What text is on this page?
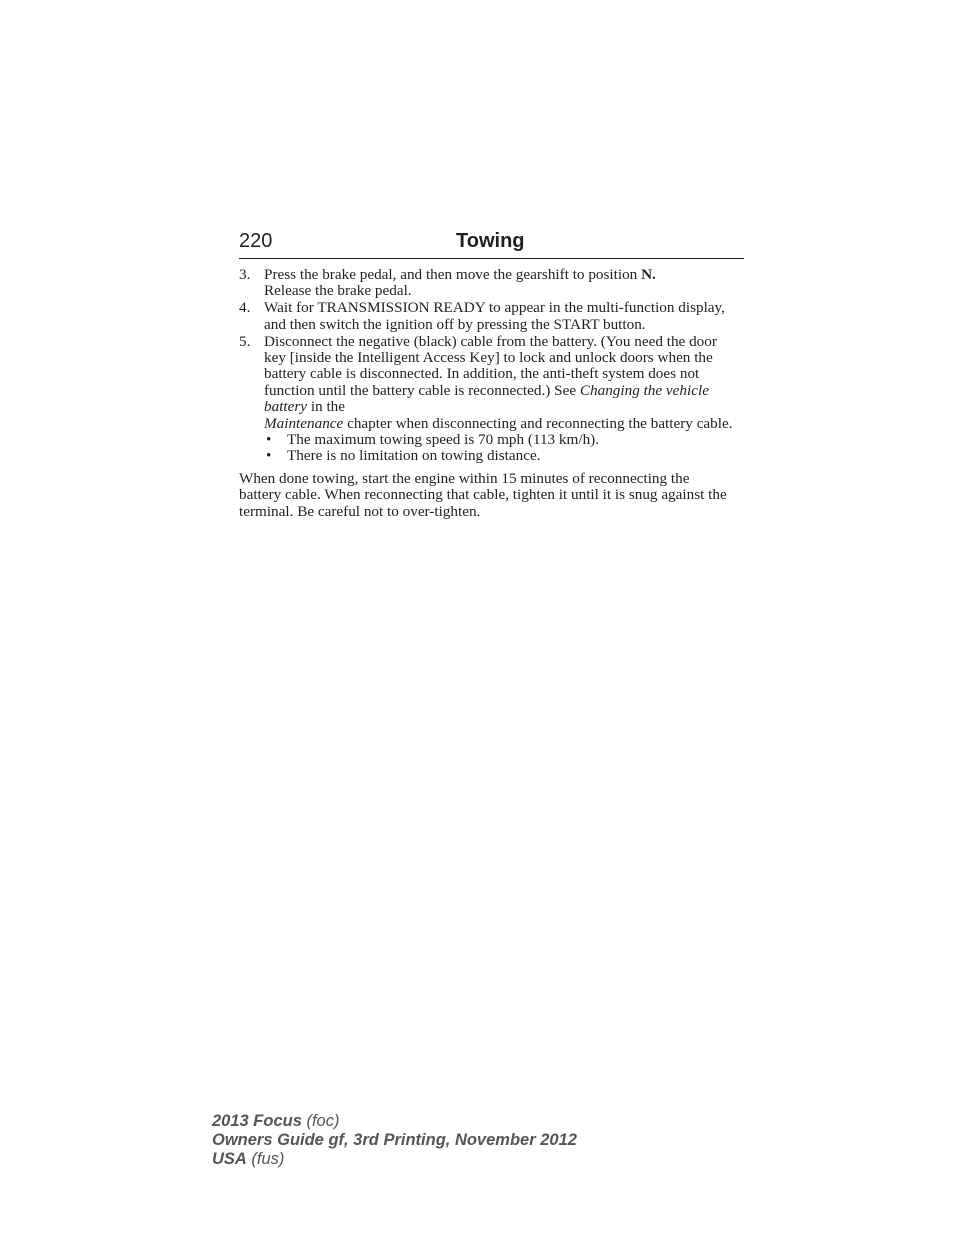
220	Towing
3. Press the brake pedal, and then move the gearshift to position N.
Release the brake pedal.
4. Wait for TRANSMISSION READY to appear in the multi-function display, and then switch the ignition off by pressing the START button.
5. Disconnect the negative (black) cable from the battery. (You need the door key [inside the Intelligent Access Key] to lock and unlock doors when the battery cable is disconnected. In addition, the anti-theft system does not function until the battery cable is reconnected.) See Changing the vehicle battery in the
Maintenance chapter when disconnecting and reconnecting the battery cable.
• The maximum towing speed is 70 mph (113 km/h).
• There is no limitation on towing distance.

When done towing, start the engine within 15 minutes of reconnecting the battery cable. When reconnecting that cable, tighten it until it is snug against the terminal. Be careful not to over-tighten.

2013 Focus (foc)
Owners Guide gf, 3rd Printing, November 2012
USA (fus)
